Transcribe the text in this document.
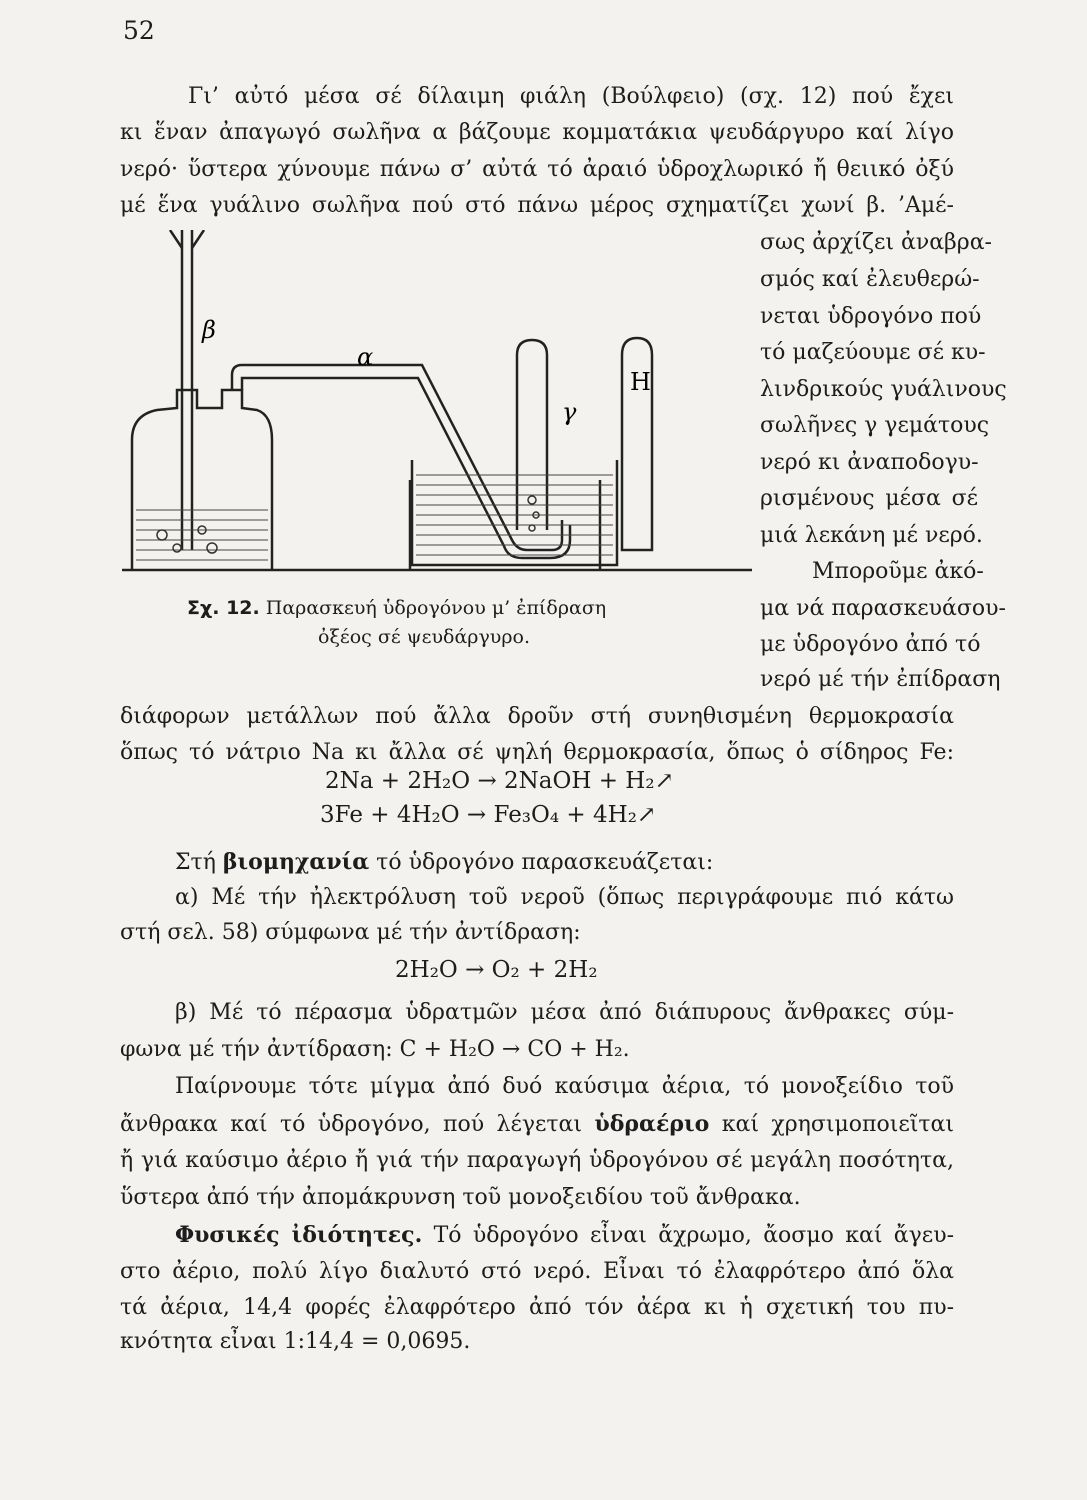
52
Γι’ αὐτό μέσα σέ δίλαιμη φιάλη (Βούλφειο) (σχ. 12) πού ἔχει
κι ἕναν ἀπαγωγό σωλῆνα α βάζουμε κομματάκια ψευδάργυρο καί λίγο
νερό· ὕστερα χύνουμε πάνω σ’ αὐτά τό ἀραιό ὑδροχλωρικό ἤ θειικό ὀξύ
μέ ἕνα γυάλινο σωλῆνα πού στό πάνω μέρος σχηματίζει χωνί β. ’Αμέ-
σως ἀρχίζει ἀναβρα-
σμός καί ἐλευθερώ-
νεται ὑδρογόνο πού
τό μαζεύουμε σέ κυ-
λινδρικούς γυάλινους
σωλῆνες γ γεμάτους
νερό κι ἀναποδογυ-
ρισμένους μέσα σέ
μιά λεκάνη μέ νερό.
Μποροῦμε ἀκό-
μα νά παρασκευάσου-
με ὑδρογόνο ἀπό τό
νερό μέ τήν ἐπίδραση
β
α
γ
H
Σχ. 12. Παρασκευή ὑδρογόνου μ’ ἐπίδραση
ὀξέος σέ ψευδάργυρο.
διάφορων μετάλλων πού ἄλλα δροῦν στή συνηθισμένη θερμοκρασία
ὅπως τό νάτριο Na κι ἄλλα σέ ψηλή θερμοκρασία, ὅπως ὁ σίδηρος Fe:
2Na + 2H₂O → 2NaOH + H₂↗
3Fe + 4H₂O → Fe₃O₄ + 4H₂↗
Στή βιομηχανία τό ὑδρογόνο παρασκευάζεται:
α) Μέ τήν ἠλεκτρόλυση τοῦ νεροῦ (ὅπως περιγράφουμε πιό κάτω
στή σελ. 58) σύμφωνα μέ τήν ἀντίδραση:
2H₂O → O₂ + 2H₂
β) Μέ τό πέρασμα ὑδρατμῶν μέσα ἀπό διάπυρους ἄνθρακες σύμ-
φωνα μέ τήν ἀντίδραση: C + H₂O → CO + H₂.
Παίρνουμε τότε μίγμα ἀπό δυό καύσιμα ἀέρια, τό μονοξείδιο τοῦ
ἄνθρακα καί τό ὑδρογόνο, πού λέγεται ὑδραέριο καί χρησιμοποιεῖται
ἤ γιά καύσιμο ἀέριο ἤ γιά τήν παραγωγή ὑδρογόνου σέ μεγάλη ποσότητα,
ὕστερα ἀπό τήν ἀπομάκρυνση τοῦ μονοξειδίου τοῦ ἄνθρακα.
Φυσικές ἰδιότητες. Τό ὑδρογόνο εἶναι ἄχρωμο, ἄοσμο καί ἄγευ-
στο ἀέριο, πολύ λίγο διαλυτό στό νερό. Εἶναι τό ἐλαφρότερο ἀπό ὅλα
τά ἀέρια, 14,4 φορές ἐλαφρότερο ἀπό τόν ἀέρα κι ἡ σχετική του πυ-
κνότητα εἶναι 1:14,4 = 0,0695.
